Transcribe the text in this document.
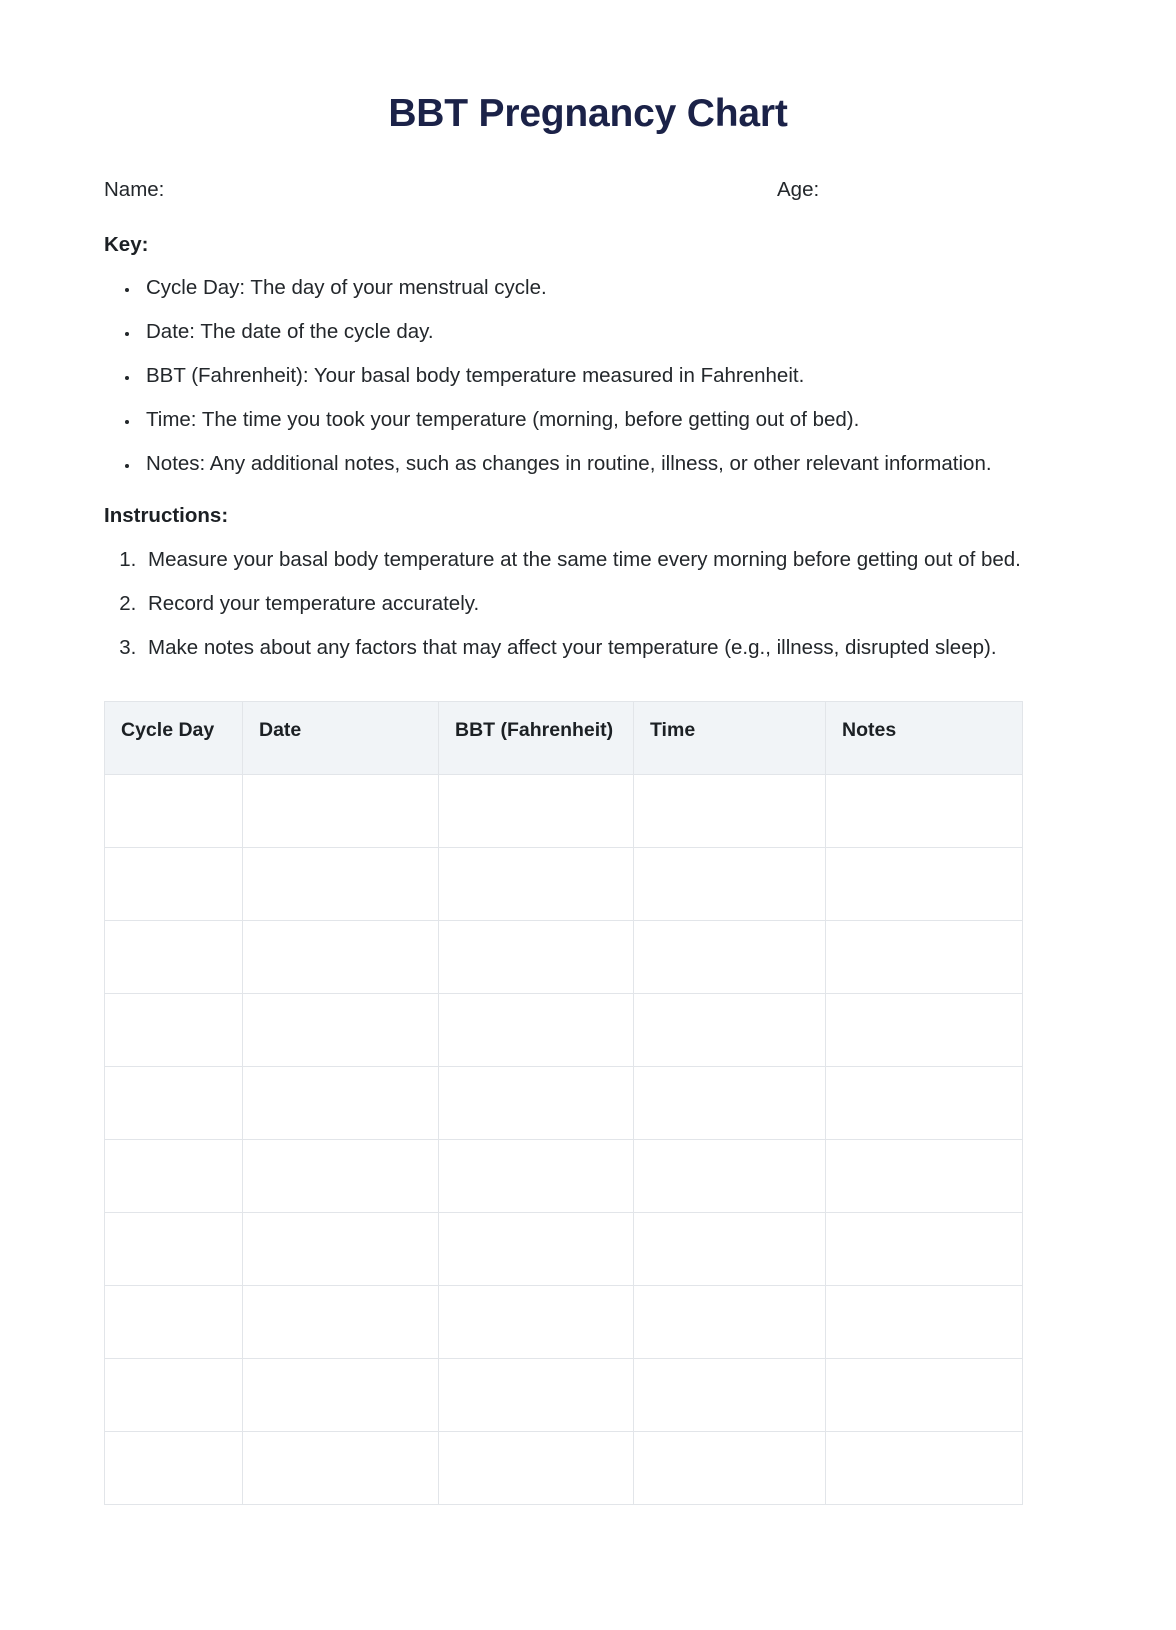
BBT Pregnancy Chart
Name:	Age:
Key:
• Cycle Day: The day of your menstrual cycle.
• Date: The date of the cycle day.
• BBT (Fahrenheit): Your basal body temperature measured in Fahrenheit.
• Time: The time you took your temperature (morning, before getting out of bed).
• Notes: Any additional notes, such as changes in routine, illness, or other relevant information.
Instructions:
1. Measure your basal body temperature at the same time every morning before getting out of bed.
2. Record your temperature accurately.
3. Make notes about any factors that may affect your temperature (e.g., illness, disrupted sleep).
Cycle Day	Date	BBT (Fahrenheit)	Time	Notes
